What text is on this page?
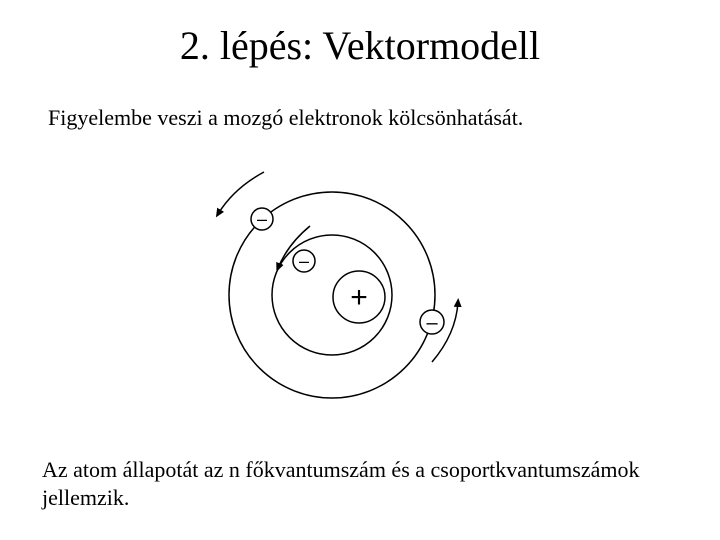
2. lépés: Vektormodell
Figyelembe veszi a mozgó elektronok kölcsönhatását.
+
–
–
–
Az atom állapotát az n főkvantumszám és a csoportkvantumszámok jellemzik.
